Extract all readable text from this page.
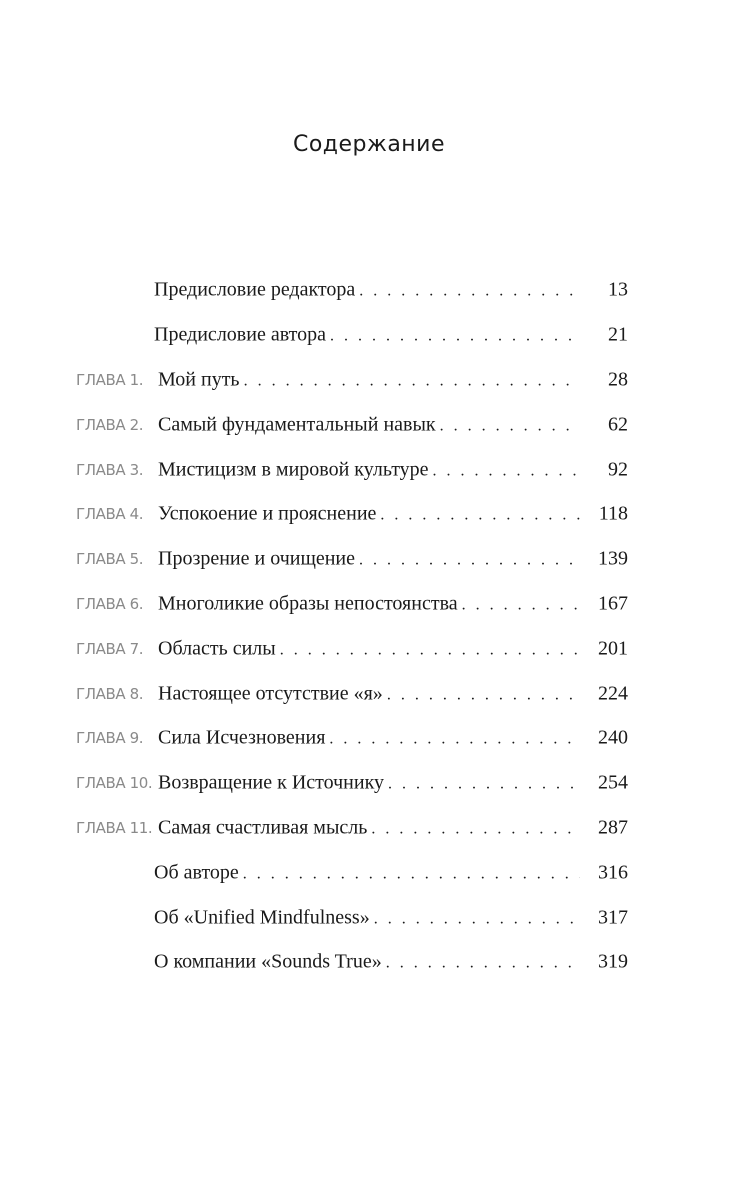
Содержание
Предисловие редактора . . .	13
Предисловие автора . . .	21
ГЛАВА 1. Мой путь . . .	28
ГЛАВА 2. Самый фундаментальный навык . . .	62
ГЛАВА 3. Мистицизм в мировой культуре . . .	92
ГЛАВА 4. Успокоение и прояснение . . .	118
ГЛАВА 5. Прозрение и очищение . . .	139
ГЛАВА 6. Многоликие образы непостоянства . . .	167
ГЛАВА 7. Область силы . . .	201
ГЛАВА 8. Настоящее отсутствие «я» . . .	224
ГЛАВА 9. Сила Исчезновения . . .	240
ГЛАВА 10. Возвращение к Источнику . . .	254
ГЛАВА 11. Самая счастливая мысль . . .	287
Об авторе . . .	316
Об «Unified Mindfulness» . . .	317
О компании «Sounds True» . . .	319
